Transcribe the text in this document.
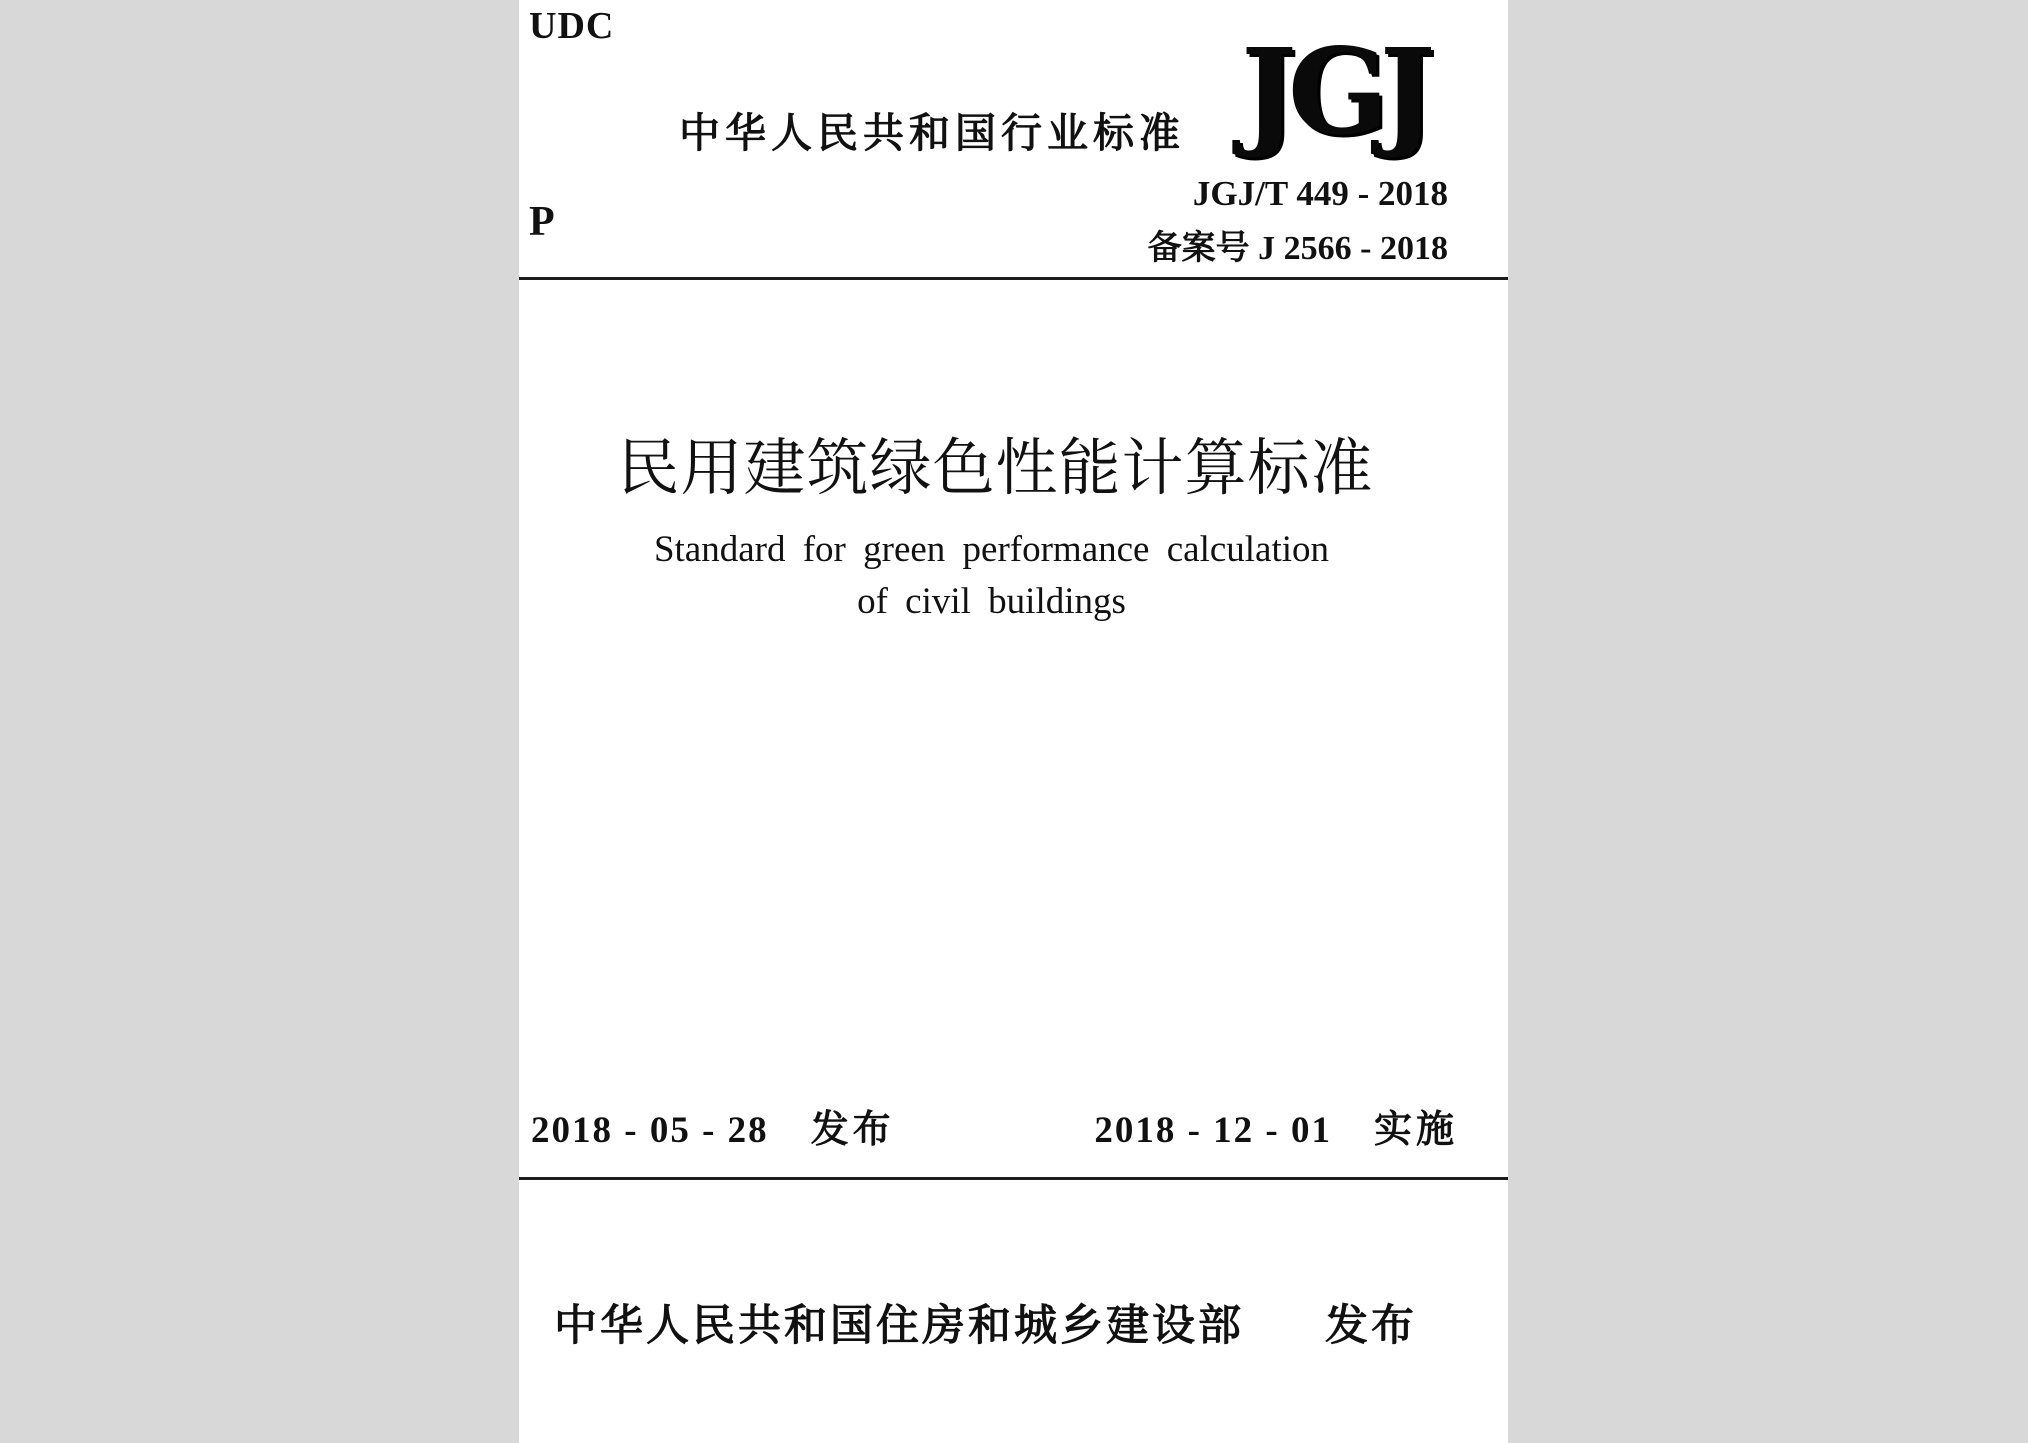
UDC
中华人民共和国行业标准 JGJ
JGJ/T 449 - 2018
备案号 J 2566 - 2018
P
民用建筑绿色性能计算标准
Standard for green performance calculation
of civil buildings
2018 - 05 - 28 发布	2018 - 12 - 01 实施
中华人民共和国住房和城乡建设部 发布
